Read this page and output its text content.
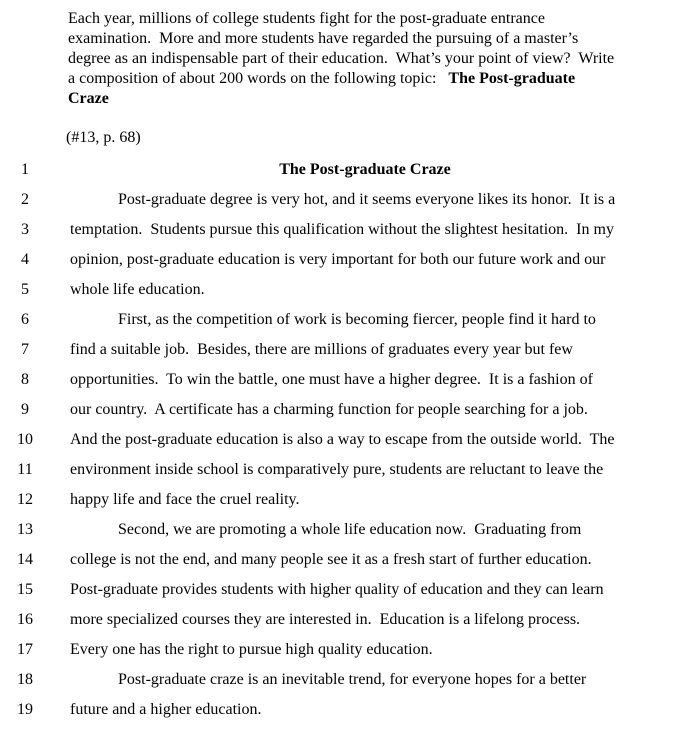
Each year, millions of college students fight for the post-graduate entrance
examination.  More and more students have regarded the pursuing of a master’s
degree as an indispensable part of their education.  What’s your point of view?  Write
a composition of about 200 words on the following topic:   The Post-graduate
Craze
(#13, p. 68)
1	The Post-graduate Craze
2	Post-graduate degree is very hot, and it seems everyone likes its honor.  It is a
3	temptation.  Students pursue this qualification without the slightest hesitation.  In my
4	opinion, post-graduate education is very important for both our future work and our
5	whole life education.
6	First, as the competition of work is becoming fiercer, people find it hard to
7	find a suitable job.  Besides, there are millions of graduates every year but few
8	opportunities.  To win the battle, one must have a higher degree.  It is a fashion of
9	our country.  A certificate has a charming function for people searching for a job.
10	And the post-graduate education is also a way to escape from the outside world.  The
11	environment inside school is comparatively pure, students are reluctant to leave the
12	happy life and face the cruel reality.
13	Second, we are promoting a whole life education now.  Graduating from
14	college is not the end, and many people see it as a fresh start of further education.
15	Post-graduate provides students with higher quality of education and they can learn
16	more specialized courses they are interested in.  Education is a lifelong process.
17	Every one has the right to pursue high quality education.
18	Post-graduate craze is an inevitable trend, for everyone hopes for a better
19	future and a higher education.
